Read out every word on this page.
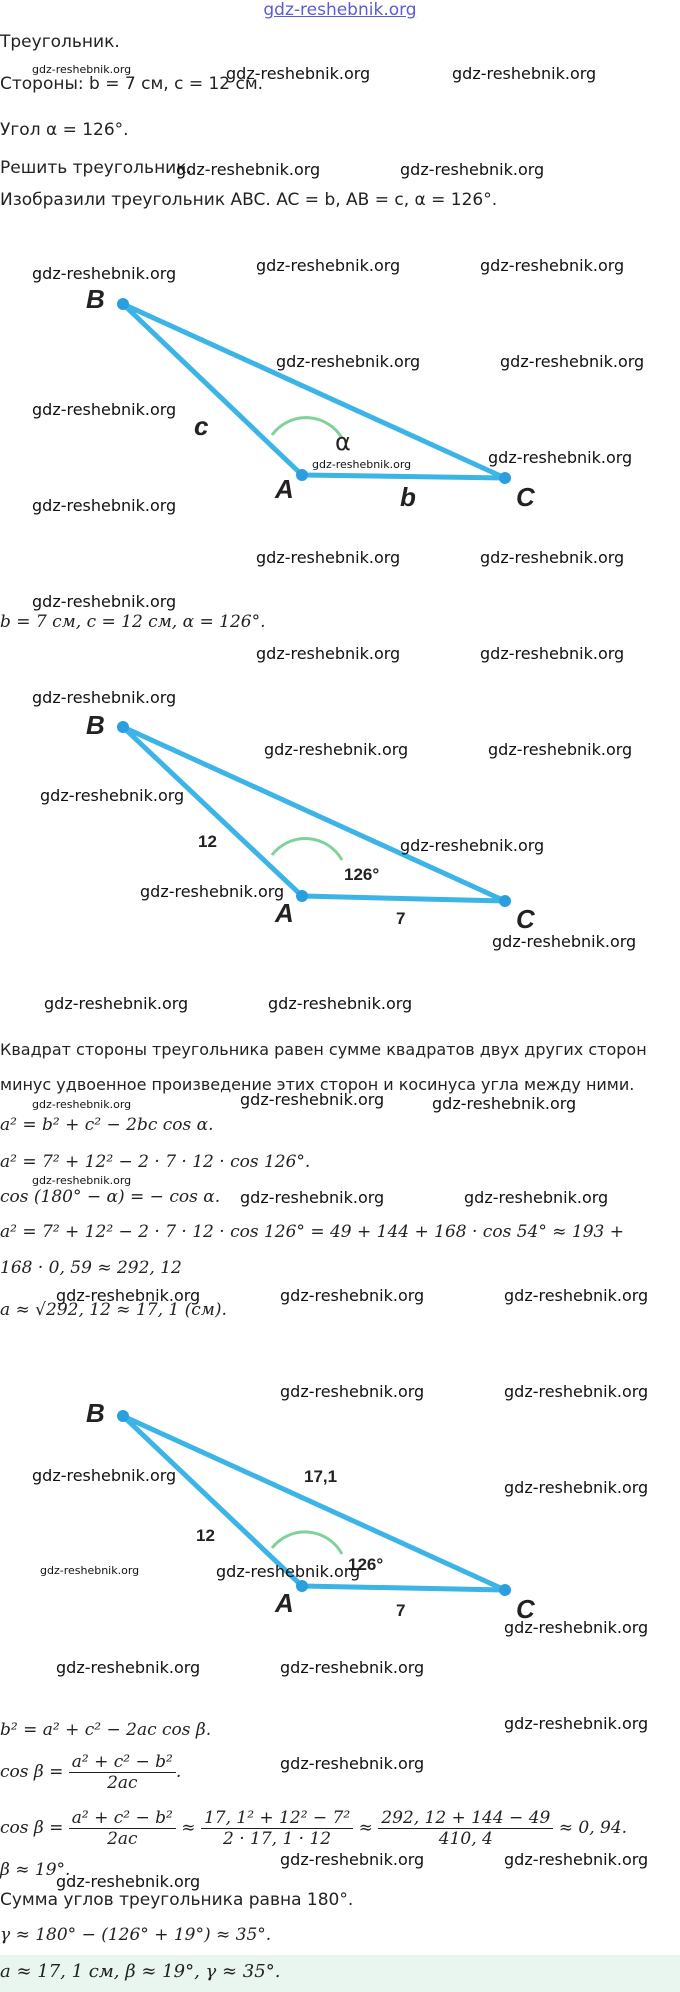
gdz-reshebnik.org
Треугольник.
Стороны: b = 7 см, c = 12 см.
Угол α = 126°.
Решить треугольник.
Изобразили треугольник ABC. AC = b, AB = c, α = 126°.
B
A	C
c
b
α
b = 7 см, c = 12 см, α = 126°.
B
A	C
12
7
126°
Квадрат стороны треугольника равен сумме квадратов двух других сторон
минус удвоенное произведение этих сторон и косинуса угла между ними.
a² = b² + c² − 2bc cos α.
a² = 7² + 12² − 2 · 7 · 12 · cos 126°.
cos (180° − α) = − cos α.
a² = 7² + 12² − 2 · 7 · 12 · cos 126° = 49 + 144 + 168 · cos 54° ≈ 193 +
168 · 0, 59 ≈ 292, 12
a ≈ √292, 12 ≈ 17, 1 (см).
B
A	C
12
7
17,1
126°
b² = a² + c² − 2ac cos β.
$\cos \beta = \frac{\text{a² + c² − b²}}{2ac}$ .
$\cos \beta = \frac{\text{a² + c² − b²}}{2ac} \approx \frac{\text{17, 1² + 12² − 7²}}{2 \cdot 17, 1 \cdot 12} \approx \frac{292, 12 + 144 - 49}{410, 4} \approx 0$, 94.
β ≈ 19°.
Сумма углов треугольника равна 180°.
γ ≈ 180° − (126° + 19°) ≈ 35°.
a ≈ 17, 1 см, β ≈ 19°, γ ≈ 35°.
gdz-reshebnik.org	gdz-reshebnik.org	gdz-reshebnik.org
gdz-reshebnik.org	gdz-reshebnik.org
gdz-reshebnik.org	gdz-reshebnik.org	gdz-reshebnik.org
gdz-reshebnik.org	gdz-reshebnik.org
gdz-reshebnik.org
gdz-reshebnik.org
gdz-reshebnik.org
gdz-reshebnik.org
gdz-reshebnik.org	gdz-reshebnik.org
gdz-reshebnik.org
gdz-reshebnik.org	gdz-reshebnik.org
gdz-reshebnik.org
gdz-reshebnik.org	gdz-reshebnik.org
gdz-reshebnik.org
gdz-reshebnik.org
gdz-reshebnik.org
gdz-reshebnik.org
gdz-reshebnik.org	gdz-reshebnik.org
gdz-reshebnik.org	gdz-reshebnik.org	gdz-reshebnik.org
gdz-reshebnik.org
gdz-reshebnik.org	gdz-reshebnik.org
gdz-reshebnik.org	gdz-reshebnik.org	gdz-reshebnik.org
gdz-reshebnik.org	gdz-reshebnik.org
gdz-reshebnik.org
gdz-reshebnik.org
gdz-reshebnik.org	gdz-reshebnik.org
gdz-reshebnik.org
gdz-reshebnik.org	gdz-reshebnik.org
gdz-reshebnik.org
gdz-reshebnik.org
gdz-reshebnik.org	gdz-reshebnik.org
gdz-reshebnik.org
